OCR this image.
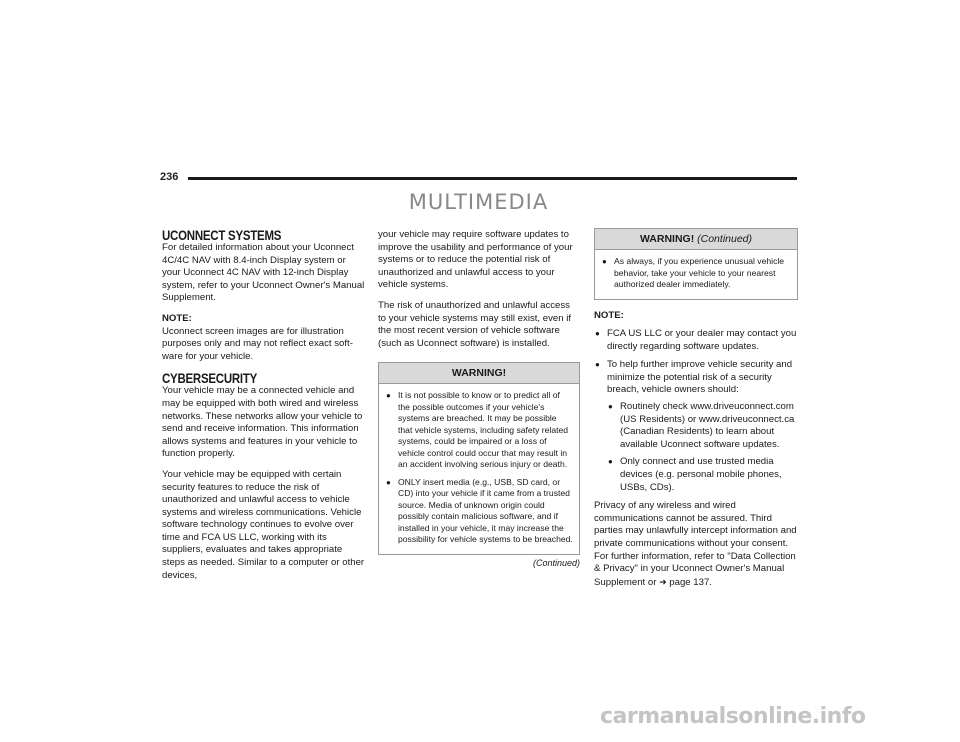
236
MULTIMEDIA
UCONNECT SYSTEMS

For detailed information about your Uconnect 4C/4C NAV with 8.4-inch Display system or your Uconnect 4C NAV with 12-inch Display system, refer to your Uconnect Owner's Manual Supplement.

NOTE:

Uconnect screen images are for illustration purposes only and may not reflect exact soft-ware for your vehicle.

CYBERSECURITY

Your vehicle may be a connected vehicle and may be equipped with both wired and wireless networks. These networks allow your vehicle to send and receive information. This information allows systems and features in your vehicle to function properly.

Your vehicle may be equipped with certain security features to reduce the risk of unauthorized and unlawful access to vehicle systems and wireless communications. Vehicle software technology continues to evolve over time and FCA US LLC, working with its suppliers, evaluates and takes appropriate steps as needed. Similar to a computer or other devices,

your vehicle may require software updates to improve the usability and performance of your systems or to reduce the potential risk of unauthorized and unlawful access to your vehicle systems.

The risk of unauthorized and unlawful access to your vehicle systems may still exist, even if the most recent version of vehicle software (such as Uconnect software) is installed.

WARNING!
● It is not possible to know or to predict all of the possible outcomes if your vehicle's systems are breached. It may be possible that vehicle systems, including safety related systems, could be impaired or a loss of vehicle control could occur that may result in an accident involving serious injury or death.
● ONLY insert media (e.g., USB, SD card, or CD) into your vehicle if it came from a trusted source. Media of unknown origin could possibly contain malicious software, and if installed in your vehicle, it may increase the possibility for vehicle systems to be breached.
(Continued)
WARNING! (Continued)
● As always, if you experience unusual vehicle behavior, take your vehicle to your nearest authorized dealer immediately.

NOTE:

● FCA US LLC or your dealer may contact you directly regarding software updates.
● To help further improve vehicle security and minimize the potential risk of a security breach, vehicle owners should:
● Routinely check www.driveuconnect.com (US Residents) or www.driveuconnect.ca (Canadian Residents) to learn about available Uconnect software updates.
● Only connect and use trusted media devices (e.g. personal mobile phones, USBs, CDs).

Privacy of any wireless and wired communications cannot be assured. Third parties may unlawfully intercept information and private communications without your consent. For further information, refer to "Data Collection & Privacy" in your Uconnect Owner's Manual Supplement or ➜ page 137.

carmanualsonline.info
